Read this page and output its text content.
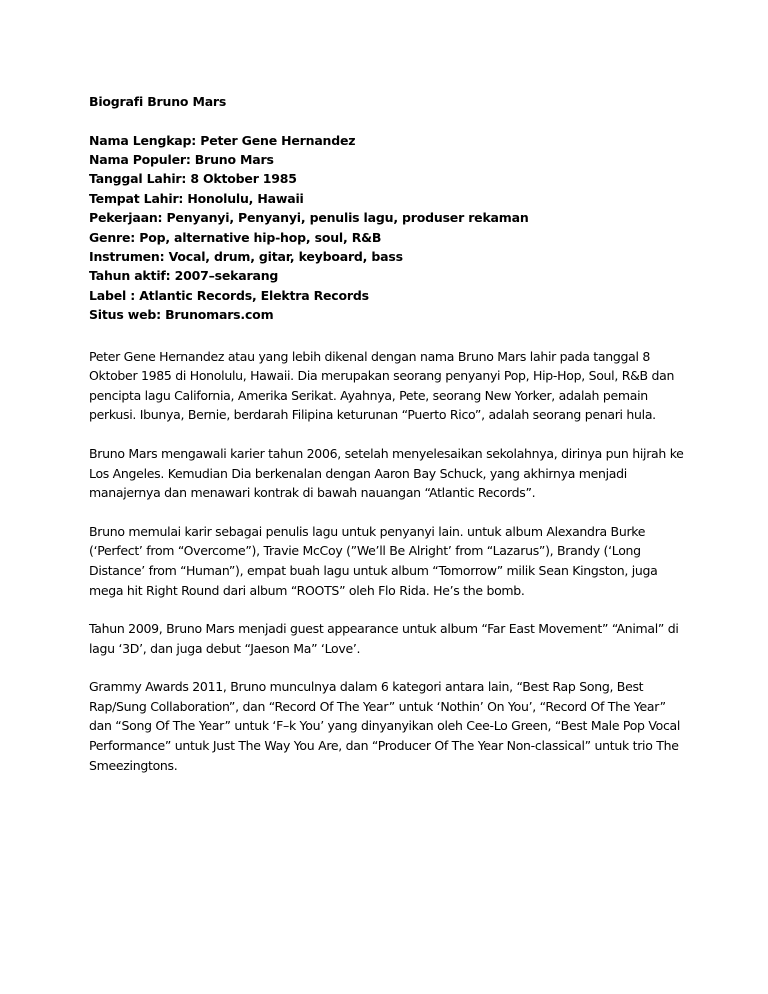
Biografi Bruno Mars
Nama Lengkap: Peter Gene Hernandez
Nama Populer: Bruno Mars
Tanggal Lahir: 8 Oktober 1985
Tempat Lahir: Honolulu, Hawaii
Pekerjaan: Penyanyi, Penyanyi, penulis lagu, produser rekaman
Genre: Pop, alternative hip-hop, soul, R&B
Instrumen: Vocal, drum, gitar, keyboard, bass
Tahun aktif: 2007–sekarang
Label : Atlantic Records, Elektra Records
Situs web: Brunomars.com

Peter Gene Hernandez atau yang lebih dikenal dengan nama Bruno Mars lahir pada tanggal 8 Oktober 1985 di Honolulu, Hawaii. Dia merupakan seorang penyanyi Pop, Hip-Hop, Soul, R&B dan pencipta lagu California, Amerika Serikat. Ayahnya, Pete, seorang New Yorker, adalah pemain perkusi. Ibunya, Bernie, berdarah Filipina keturunan “Puerto Rico”, adalah seorang penari hula.

Bruno Mars mengawali karier tahun 2006, setelah menyelesaikan sekolahnya, dirinya pun hijrah ke Los Angeles. Kemudian Dia berkenalan dengan Aaron Bay Schuck, yang akhirnya menjadi manajernya dan menawari kontrak di bawah nauangan “Atlantic Records”.

Bruno memulai karir sebagai penulis lagu untuk penyanyi lain. untuk album Alexandra Burke (‘Perfect’ from “Overcome”), Travie McCoy (”We’ll Be Alright’ from “Lazarus”), Brandy (‘Long Distance’ from “Human”), empat buah lagu untuk album “Tomorrow” milik Sean Kingston, juga mega hit Right Round dari album “ROOTS” oleh Flo Rida. He’s the bomb.

Tahun 2009, Bruno Mars menjadi guest appearance untuk album “Far East Movement” “Animal” di lagu ‘3D’, dan juga debut “Jaeson Ma” ‘Love’.

Grammy Awards 2011, Bruno munculnya dalam 6 kategori antara lain, “Best Rap Song, Best Rap/Sung Collaboration”, dan “Record Of The Year” untuk ‘Nothin’ On You’, “Record Of The Year” dan “Song Of The Year” untuk ‘F–k You’ yang dinyanyikan oleh Cee-Lo Green, “Best Male Pop Vocal Performance” untuk Just The Way You Are, dan “Producer Of The Year Non-classical” untuk trio The Smeezingtons.
